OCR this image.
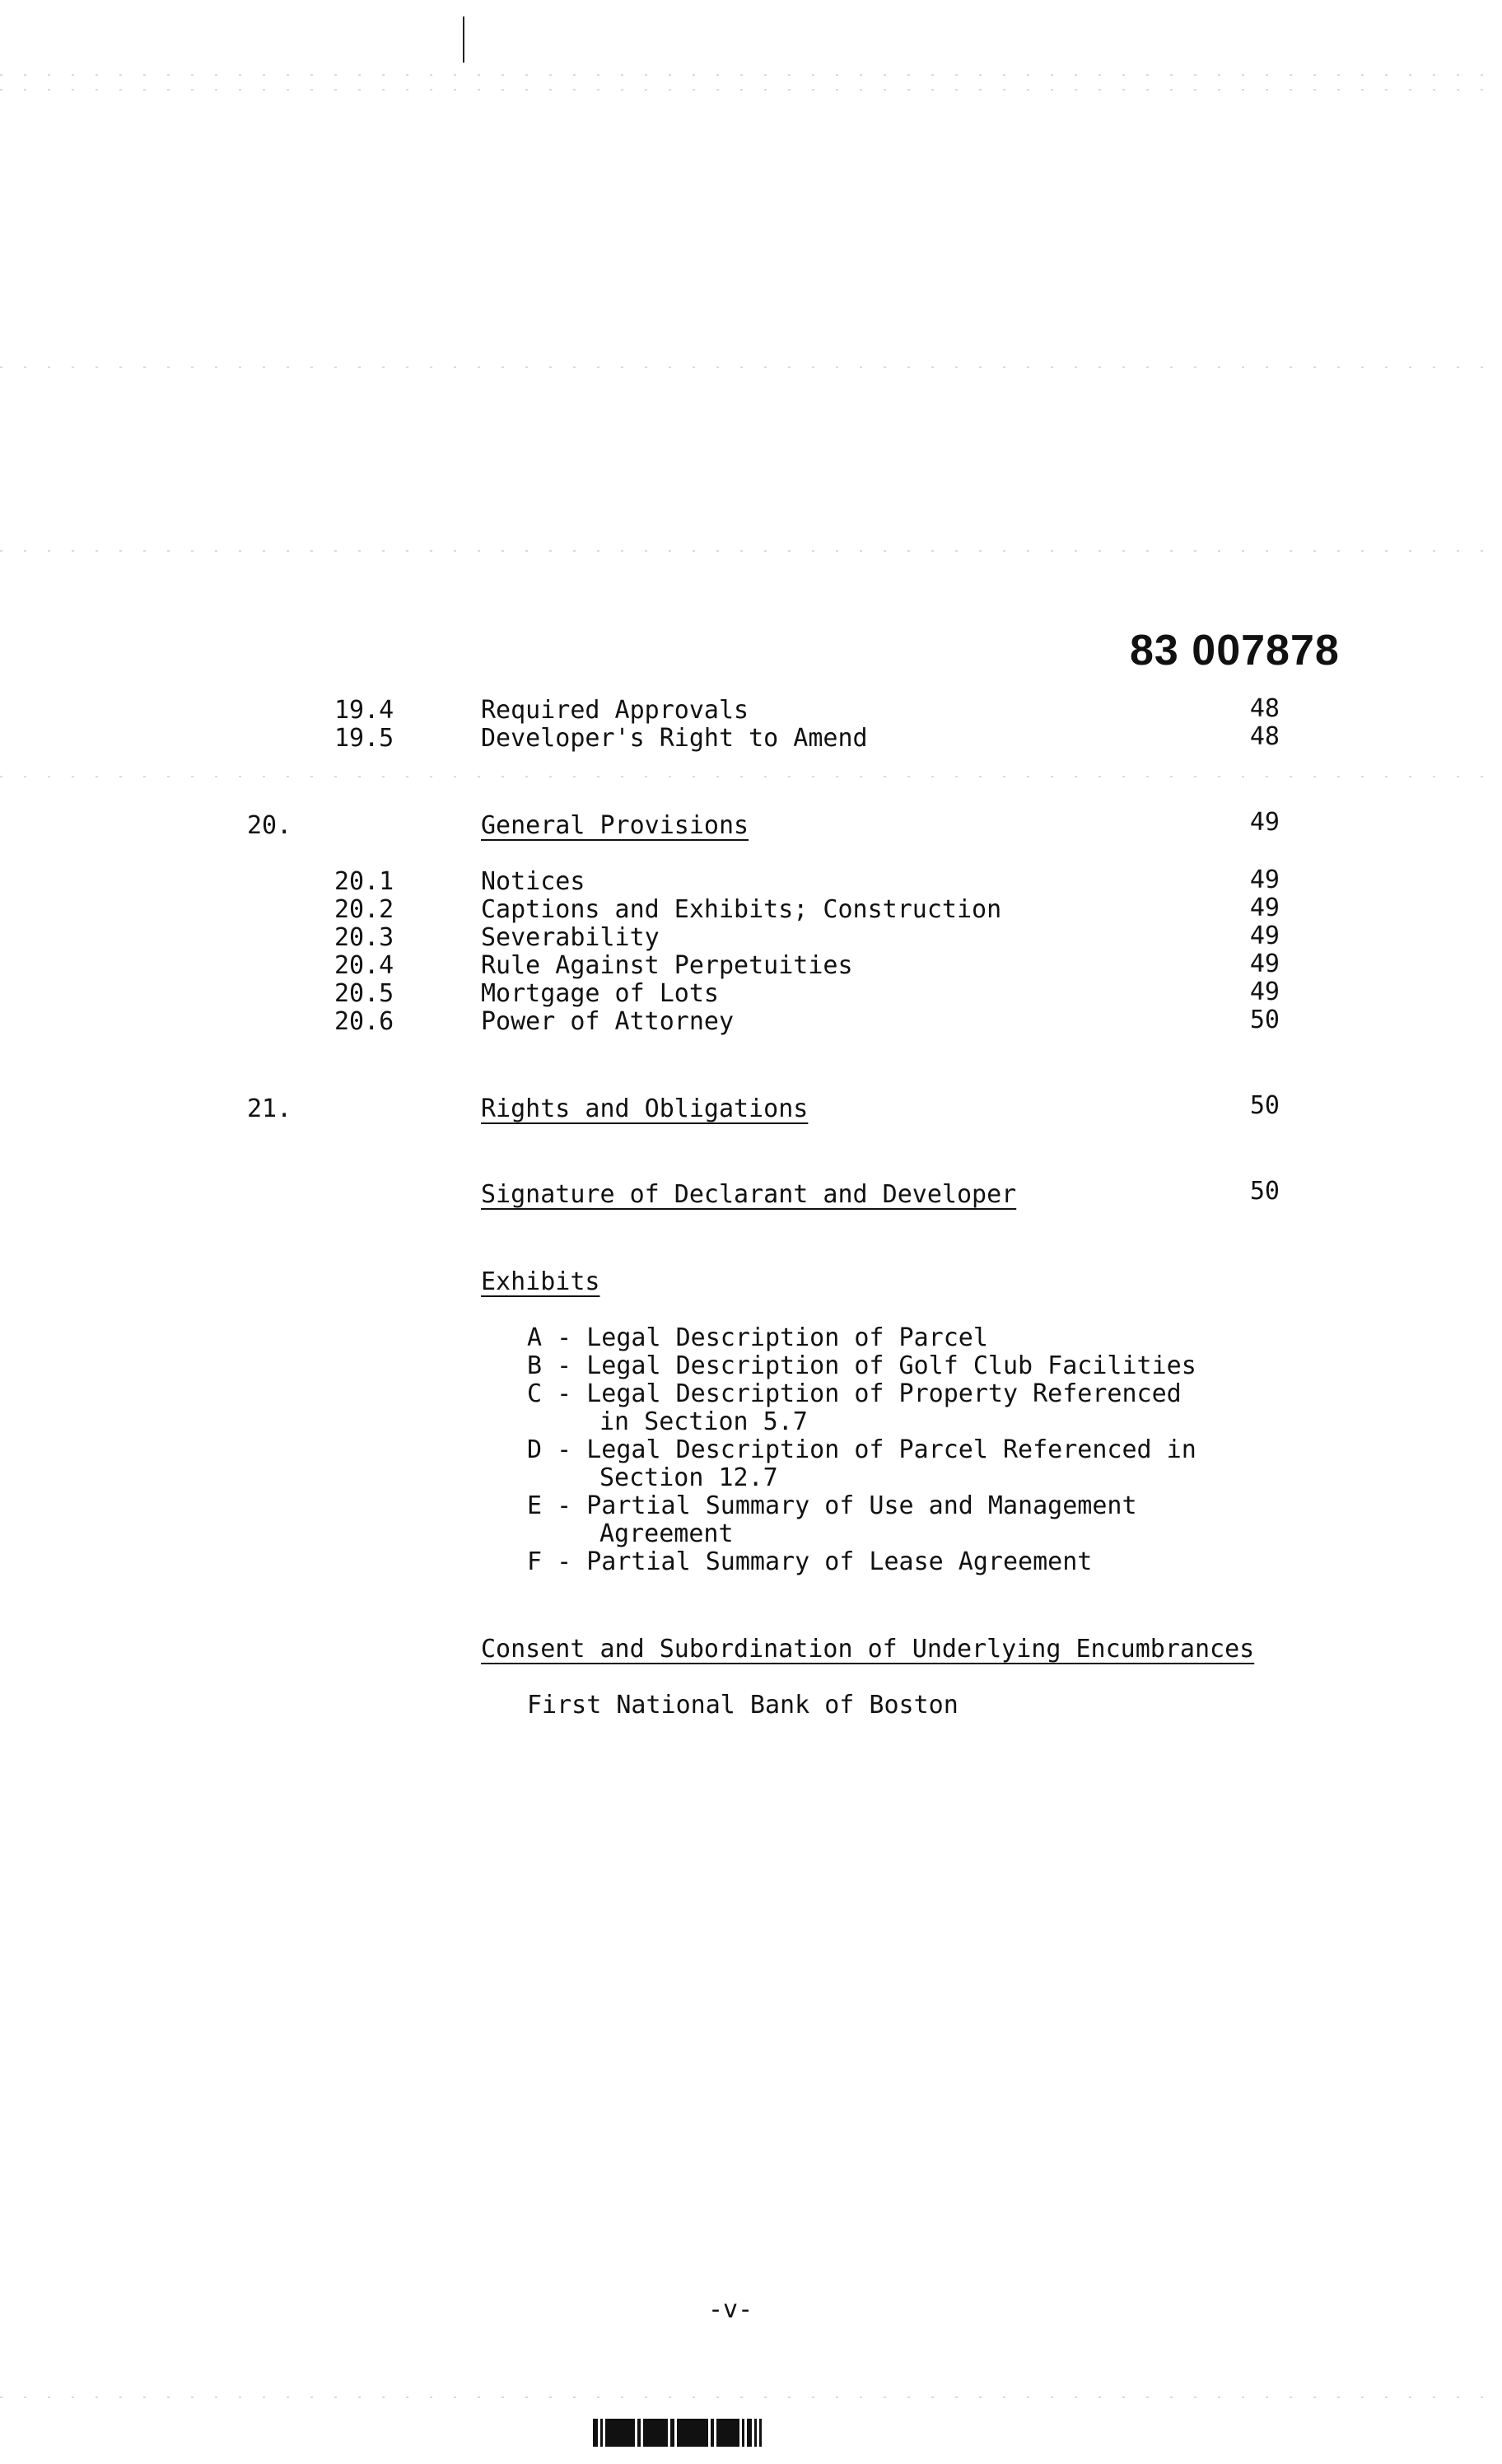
83 007878
19.4	Required Approvals	48
19.5	Developer's Right to Amend	48
20.	General Provisions	49
20.1	Notices	49
20.2	Captions and Exhibits; Construction	49
20.3	Severability	49
20.4	Rule Against Perpetuities	49
20.5	Mortgage of Lots	49
20.6	Power of Attorney	50
21.	Rights and Obligations	50
Signature of Declarant and Developer	50
Exhibits
A - Legal Description of Parcel
B - Legal Description of Golf Club Facilities
C - Legal Description of Property Referenced
in Section 5.7
D - Legal Description of Parcel Referenced in
Section 12.7
E - Partial Summary of Use and Management
Agreement
F - Partial Summary of Lease Agreement
Consent and Subordination of Underlying Encumbrances
First National Bank of Boston
-v-
